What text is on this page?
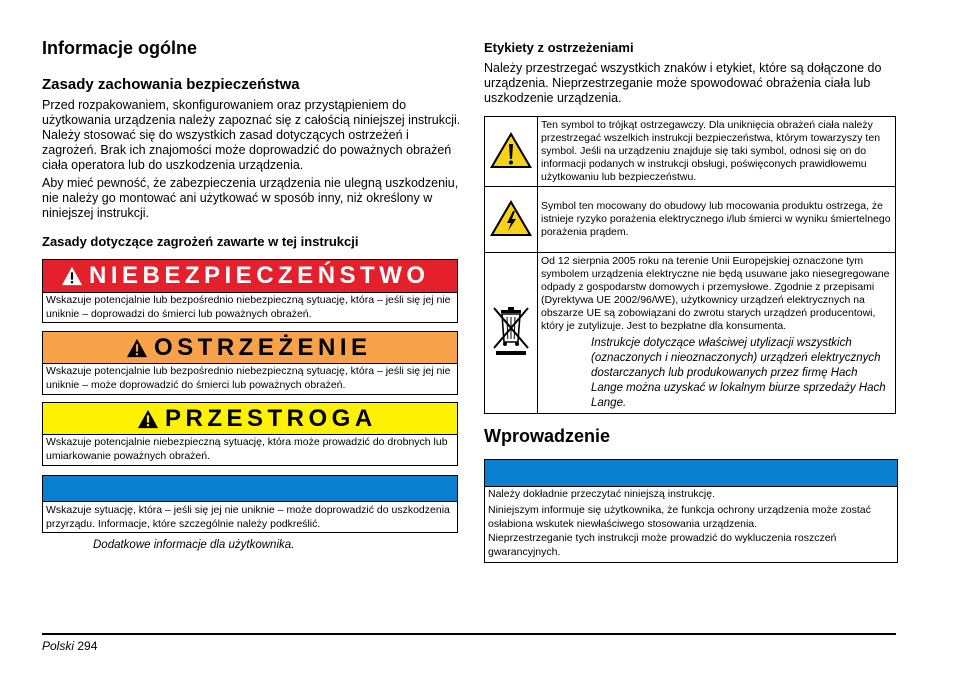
Informacje ogólne
Zasady zachowania bezpieczeństwa
Przed rozpakowaniem, skonfigurowaniem oraz przystąpieniem do użytkowania urządzenia należy zapoznać się z całością niniejszej instrukcji. Należy stosować się do wszystkich zasad dotyczących ostrzeżeń i zagrożeń. Brak ich znajomości może doprowadzić do poważnych obrażeń ciała operatora lub do uszkodzenia urządzenia.
Aby mieć pewność, że zabezpieczenia urządzenia nie ulegną uszkodzeniu, nie należy go montować ani użytkować w sposób inny, niż określony w niniejszej instrukcji.
Zasady dotyczące zagrożeń zawarte w tej instrukcji
NIEBEZPIECZEŃSTWO
Wskazuje potencjalnie lub bezpośrednio niebezpieczną sytuację, która – jeśli się jej nie uniknie – doprowadzi do śmierci lub poważnych obrażeń.
OSTRZEŻENIE
Wskazuje potencjalnie lub bezpośrednio niebezpieczną sytuację, która – jeśli się jej nie uniknie – może doprowadzić do śmierci lub poważnych obrażeń.
PRZESTROGA
Wskazuje potencjalnie niebezpieczną sytuację, która może prowadzić do drobnych lub umiarkowanie poważnych obrażeń.
Wskazuje sytuację, która – jeśli się jej nie uniknie – może doprowadzić do uszkodzenia przyrządu. Informacje, które szczególnie należy podkreślić.
Dodatkowe informacje dla użytkownika.
Etykiety z ostrzeżeniami
Należy przestrzegać wszystkich znaków i etykiet, które są dołączone do urządzenia. Nieprzestrzeganie może spowodować obrażenia ciała lub uszkodzenie urządzenia.
	Ten symbol to trójkąt ostrzegawczy. Dla uniknięcia obrażeń ciała należy przestrzegać wszelkich instrukcji bezpieczeństwa, którym towarzyszy ten symbol. Jeśli na urządzeniu znajduje się taki symbol, odnosi się on do informacji podanych w instrukcji obsługi, poświęconych prawidłowemu użytkowaniu lub bezpieczeństwu.
	Symbol ten mocowany do obudowy lub mocowania produktu ostrzega, że istnieje ryzyko porażenia elektrycznego i/lub śmierci w wyniku śmiertelnego porażenia prądem.

Od 12 sierpnia 2005 roku na terenie Unii Europejskiej oznaczone tym symbolem urządzenia elektryczne nie będą usuwane jako niesegregowane odpady z gospodarstw domowych i przemysłowe. Zgodnie z przepisami (Dyrektywa UE 2002/96/WE), użytkownicy urządzeń elektrycznych na obszarze UE są zobowiązani do zwrotu starych urządzeń producentowi, który je zutylizuje. Jest to bezpłatne dla konsumenta.
Instrukcje dotyczące właściwej utylizacji wszystkich (oznaczonych i nieoznaczonych) urządzeń elektrycznych dostarczanych lub produkowanych przez firmę Hach Lange można uzyskać w lokalnym biurze sprzedaży Hach Lange.
Wprowadzenie
Należy dokładnie przeczytać niniejszą instrukcję.
Niniejszym informuje się użytkownika, że funkcja ochrony urządzenia może zostać osłabiona wskutek niewłaściwego stosowania urządzenia.
Nieprzestrzeganie tych instrukcji może prowadzić do wykluczenia roszczeń gwarancyjnych.
Polski 294
